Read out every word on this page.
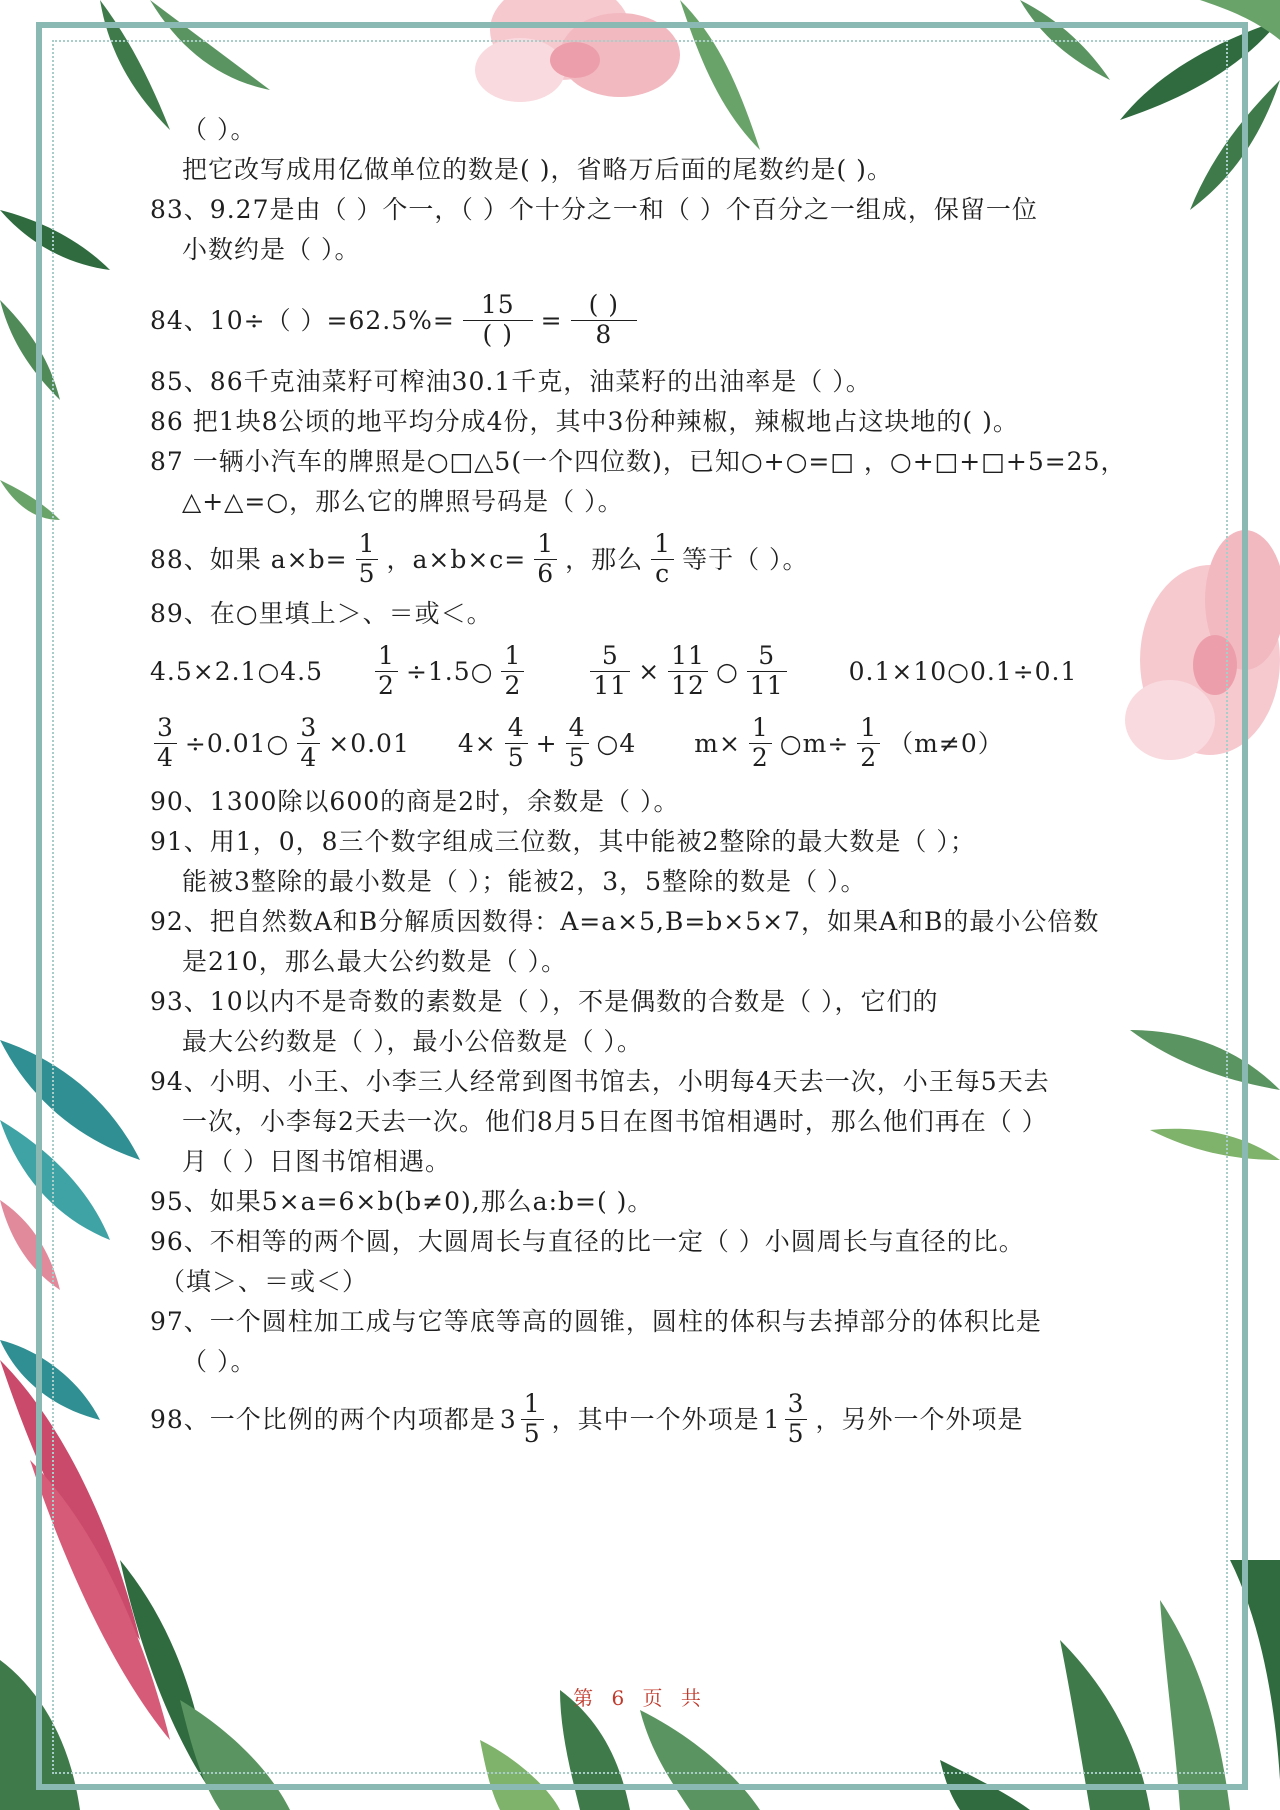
（ ）。
把它改写成用亿做单位的数是( )，省略万后面的尾数约是( )。
83、9.27是由（ ）个一，（ ）个十分之一和（ ）个百分之一组成，保留一位
小数约是（ ）。
84、10÷（ ）$=62.5\%= \frac{15}{( )} = \frac{( )}{8}$
85、86千克油菜籽可榨油30.1千克，油菜籽的出油率是（ ）。
86 把1块8公顷的地平均分成4份，其中3份种辣椒，辣椒地占这块地的( )。
87 一辆小汽车的牌照是○□△5(一个四位数)，已知○+○=□ ，○+□+□+5=25，
△+△=○，那么它的牌照号码是（ ）。
88、如果 $a\times b= \frac{1}{5}$ ，$a\times b\times c= \frac{1}{6}$ ，那么 $\frac{1}{c}$ 等于（ ）。
89、在○里填上＞、＝或＜。
4.5×2.1○4.5 $\frac{1}{2}$ ÷1.5○ $\frac{1}{2}$	$\frac{5}{11} \times \frac{11}{12}$ ○ $\frac{5}{11}$ 0.1×10○0.1÷0.1
$\frac{3}{4}$ ÷0.01○ $\frac{3}{4} \times 0.01$ $4\times \frac{4}{5} + \frac{4}{5}$ ○4 $m\times \frac{1}{2}$ ○m÷ $\frac{1}{2} (m\ne 0)$
90、1300除以600的商是2时，余数是（ ）。
91、用1，0，8三个数字组成三位数，其中能被2整除的最大数是（ ）；
能被3整除的最小数是（ ）；能被2，3，5整除的数是（ ）。
92、把自然数A和B分解质因数得：A=a×5,B=b×5×7，如果A和B的最小公倍数
是210，那么最大公约数是（ ）。
93、10以内不是奇数的素数是（ ），不是偶数的合数是（ ），它们的
最大公约数是（ ），最小公倍数是（ ）。
94、小明、小王、小李三人经常到图书馆去，小明每4天去一次，小王每5天去
一次，小李每2天去一次。他们8月5日在图书馆相遇时，那么他们再在（ ）
月（ ）日图书馆相遇。
95、如果5×a=6×b(b≠0),那么a:b=( )。
96、不相等的两个圆，大圆周长与直径的比一定（ ）小圆周长与直径的比。
（填＞、＝或＜）
97、一个圆柱加工成与它等底等高的圆锥，圆柱的体积与去掉部分的体积比是
（ ）。
98、一个比例的两个内项都是 $3 \frac{1}{5}$ ，其中一个外项是 $1 \frac{3}{5}$ ，另外一个外项是
第 6 页 共
